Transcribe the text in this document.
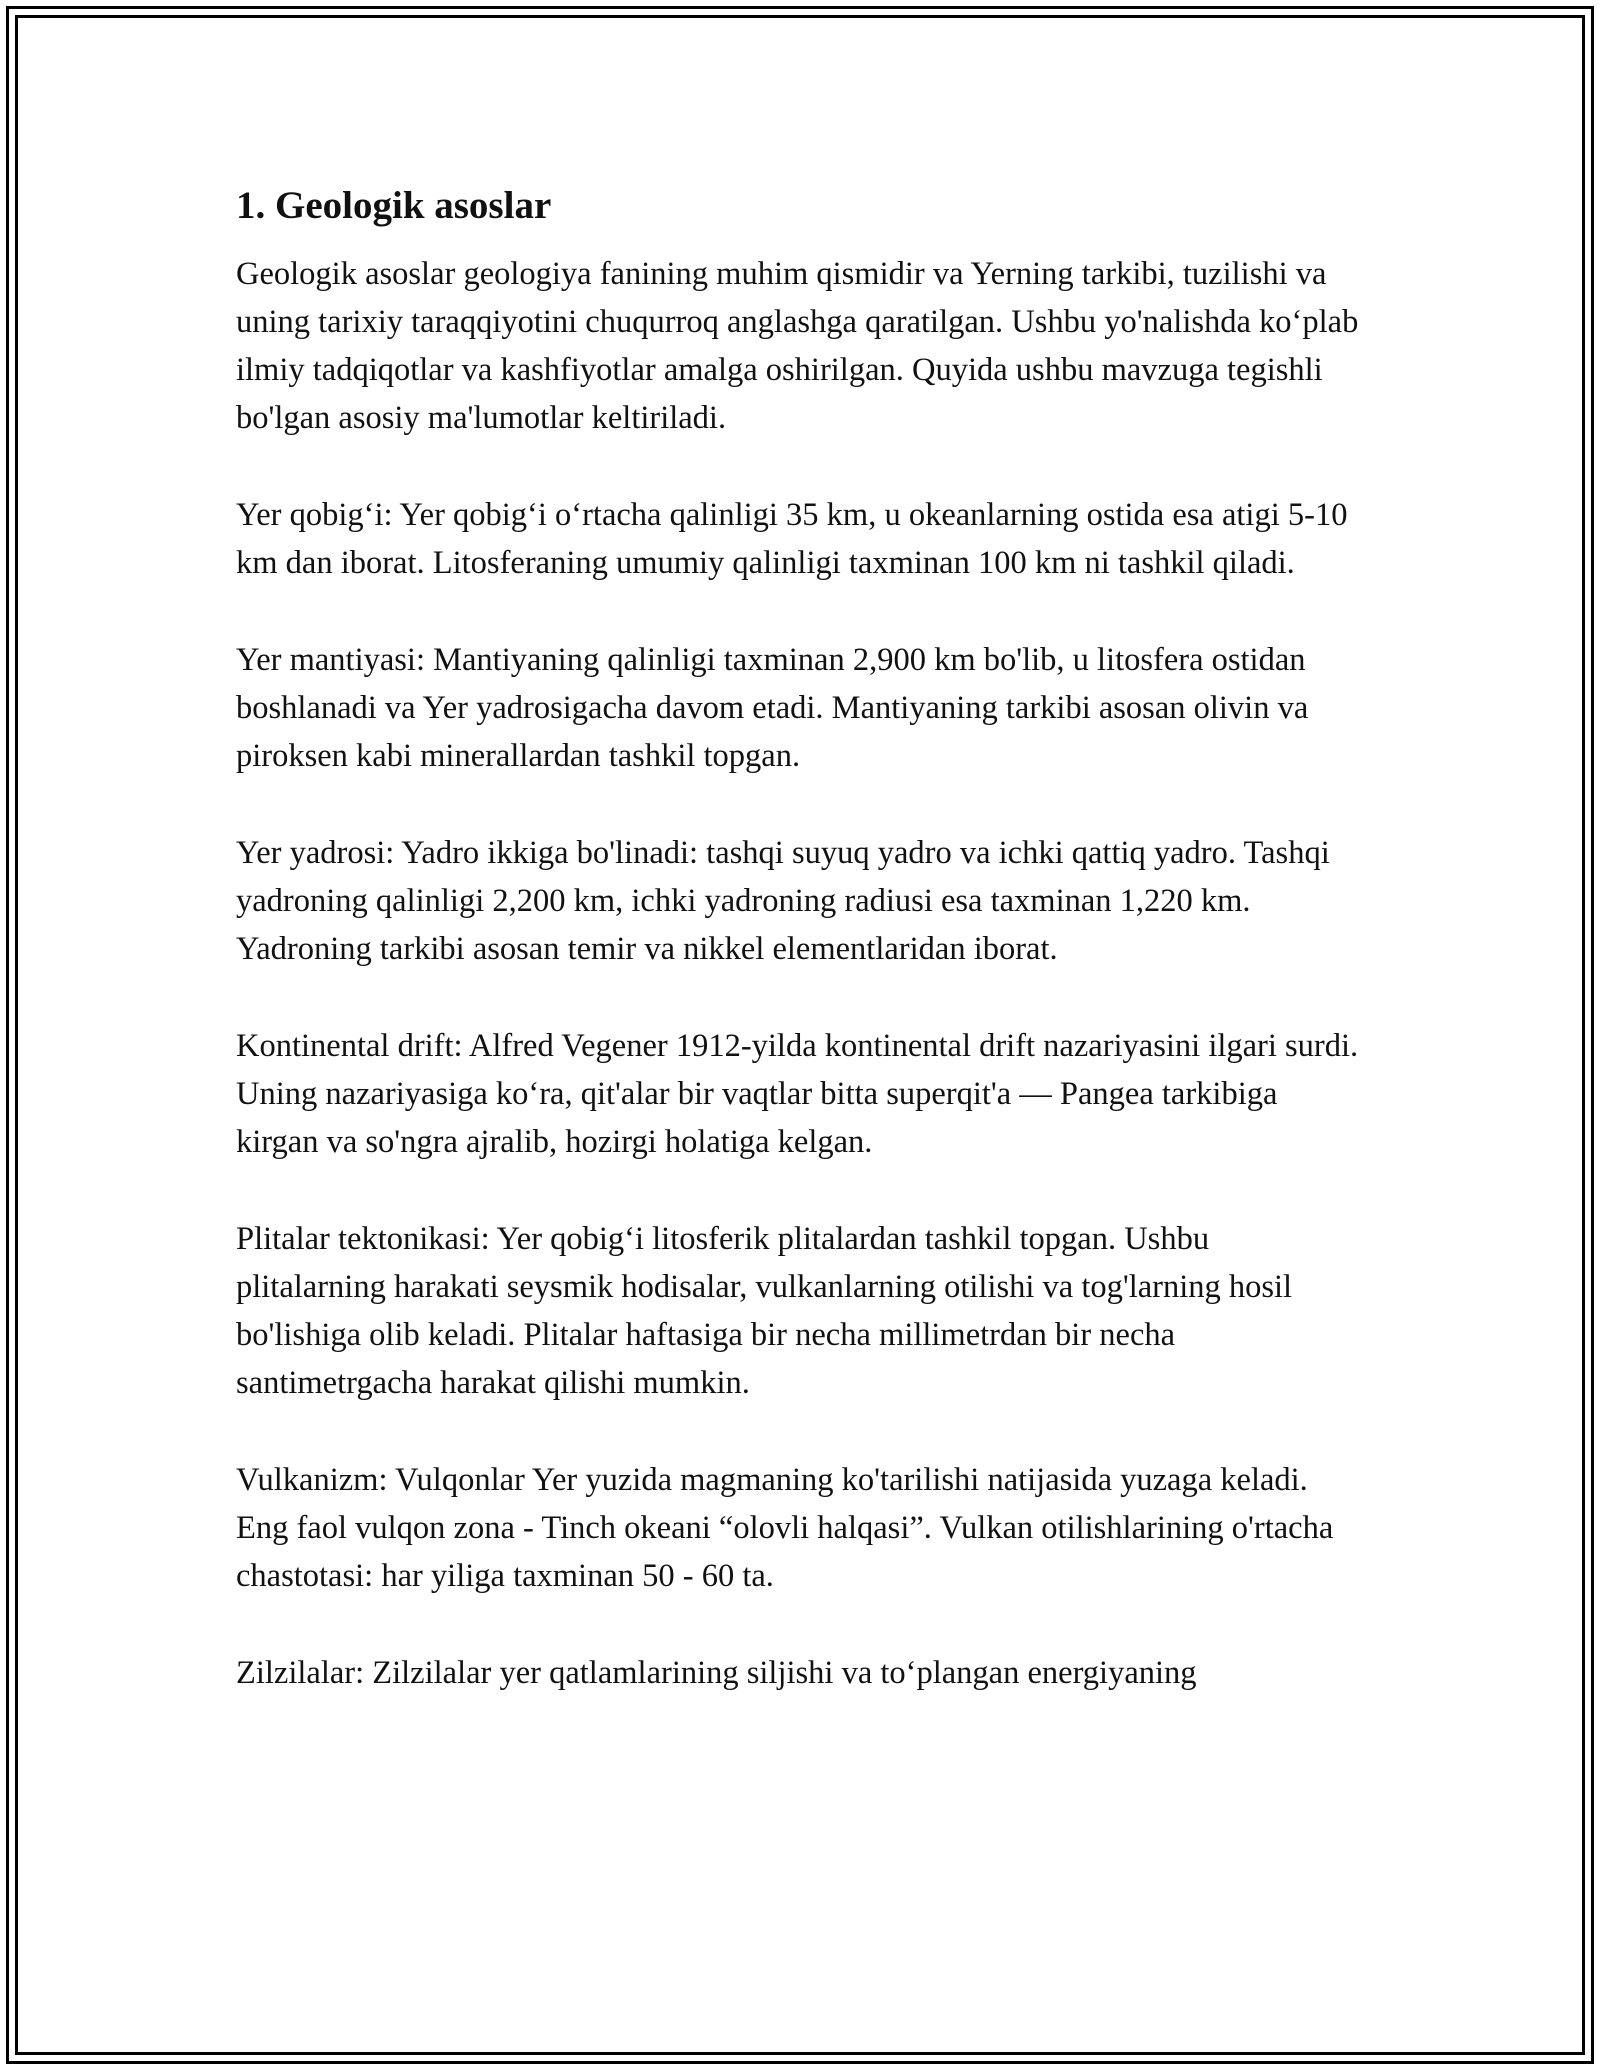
1. Geologik asoslar

Geologik asoslar geologiya fanining muhim qismidir va Yerning tarkibi, tuzilishi va uning tarixiy taraqqiyotini chuqurroq anglashga qaratilgan. Ushbu yo'nalishda koʻplab ilmiy tadqiqotlar va kashfiyotlar amalga oshirilgan. Quyida ushbu mavzuga tegishli bo'lgan asosiy ma'lumotlar keltiriladi.

Yer qobigʻi: Yer qobigʻi oʻrtacha qalinligi 35 km, u okeanlarning ostida esa atigi 5-10 km dan iborat. Litosferaning umumiy qalinligi taxminan 100 km ni tashkil qiladi.

Yer mantiyasi: Mantiyaning qalinligi taxminan 2,900 km bo'lib, u litosfera ostidan boshlanadi va Yer yadrosigacha davom etadi. Mantiyaning tarkibi asosan olivin va piroksen kabi minerallardan tashkil topgan.

Yer yadrosi: Yadro ikkiga bo'linadi: tashqi suyuq yadro va ichki qattiq yadro. Tashqi yadroning qalinligi 2,200 km, ichki yadroning radiusi esa taxminan 1,220 km. Yadroning tarkibi asosan temir va nikkel elementlaridan iborat.

Kontinental drift: Alfred Vegener 1912-yilda kontinental drift nazariyasini ilgari surdi. Uning nazariyasiga koʻra, qit'alar bir vaqtlar bitta superqit'a — Pangea tarkibiga kirgan va so'ngra ajralib, hozirgi holatiga kelgan.

Plitalar tektonikasi: Yer qobigʻi litosferik plitalardan tashkil topgan. Ushbu plitalarning harakati seysmik hodisalar, vulkanlarning otilishi va tog'larning hosil bo'lishiga olib keladi. Plitalar haftasiga bir necha millimetrdan bir necha santimetrgacha harakat qilishi mumkin.

Vulkanizm: Vulqonlar Yer yuzida magmaning ko'tarilishi natijasida yuzaga keladi. Eng faol vulqon zona - Tinch okeani “olovli halqasi”. Vulkan otilishlarining o'rtacha chastotasi: har yiliga taxminan 50 - 60 ta.

Zilzilalar: Zilzilalar yer qatlamlarining siljishi va toʻplangan energiyaning
